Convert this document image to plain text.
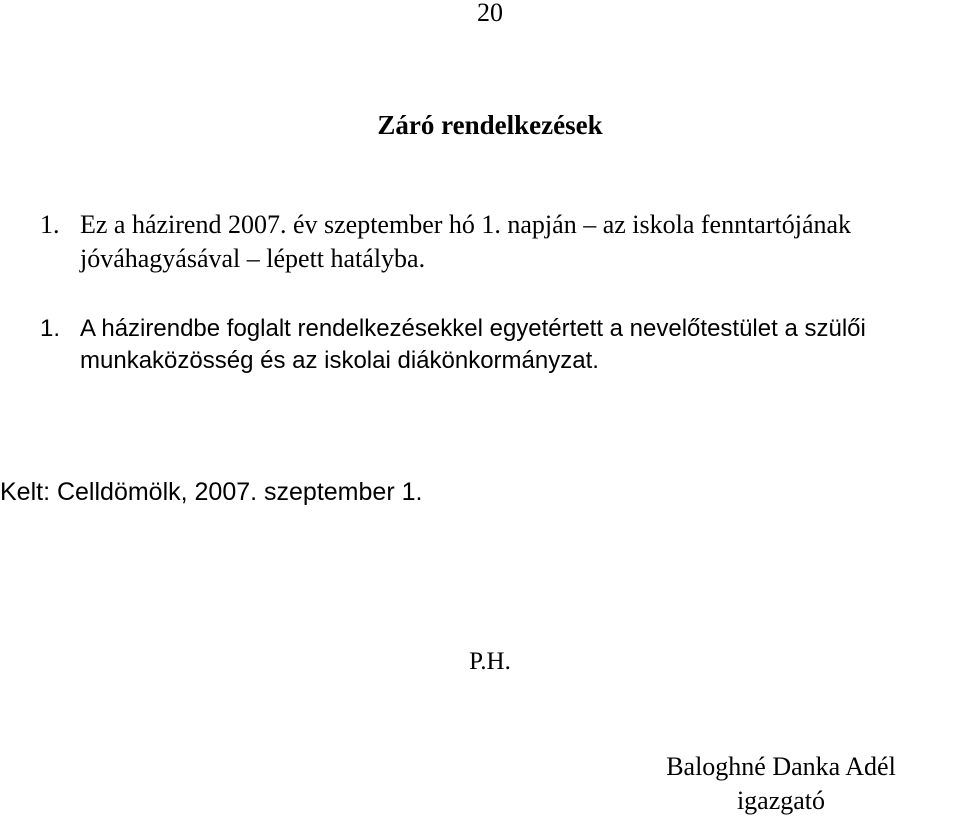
20
Záró rendelkezések
1. Ez a házirend 2007. év szeptember hó 1. napján – az iskola fenntartójának
jóváhagyásával – lépett hatályba.
1. A házirendbe foglalt rendelkezésekkel egyetértett a nevelőtestület a szülői
munkaközösség és az iskolai diákönkormányzat.
Kelt: Celldömölk, 2007. szeptember 1.
P.H.
Baloghné Danka Adél
igazgató
